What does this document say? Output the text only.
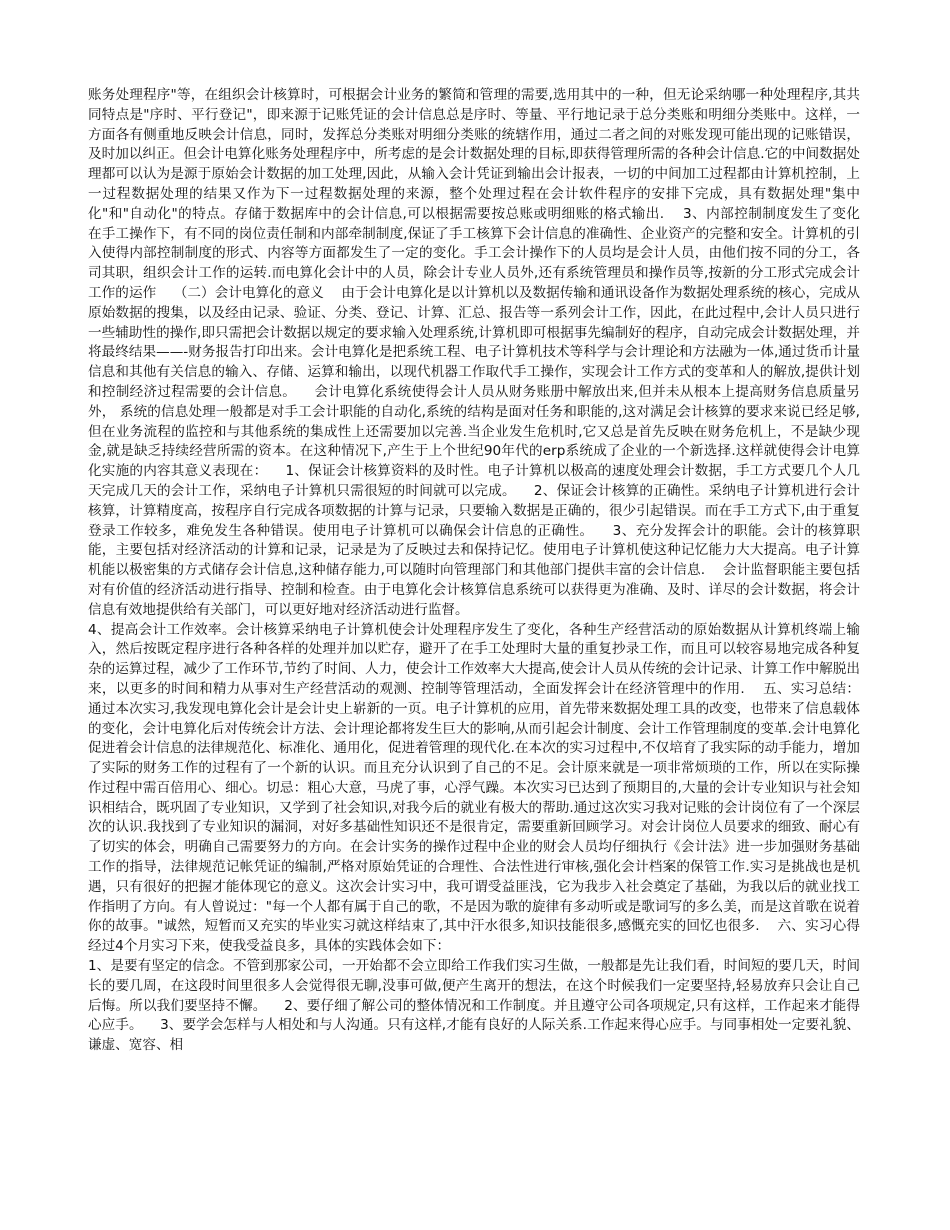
账务处理程序"等，在组织会计核算时，可根据会计业务的繁简和管理的需要,选用其中的一种，但无论采纳哪一种处理程序,其共同特点是"序时、平行登记"，即来源于记账凭证的会计信息总是序时、等量、平行地记录于总分类账和明细分类账中。这样，一方面各有侧重地反映会计信息，同时，发挥总分类账对明细分类账的统辖作用，通过二者之间的对账发现可能出现的记账错误，及时加以纠正。但会计电算化账务处理程序中，所考虑的是会计数据处理的目标,即获得管理所需的各种会计信息.它的中间数据处理都可以认为是源于原始会计数据的加工处理,因此，从输入会计凭证到输出会计报表，一切的中间加工过程都由计算机控制，上一过程数据处理的结果又作为下一过程数据处理的来源，整个处理过程在会计软件程序的安排下完成，具有数据处理"集中化"和"自动化"的特点。存储于数据库中的会计信息,可以根据需要按总账或明细账的格式输出.    3、内部控制制度发生了变化    在手工操作下，有不同的岗位责任制和内部牵制制度,保证了手工核算下会计信息的准确性、企业资产的完整和安全。计算机的引入使得内部控制制度的形式、内容等方面都发生了一定的变化。手工会计操作下的人员均是会计人员，由他们按不同的分工，各司其职，组织会计工作的运转.而电算化会计中的人员，除会计专业人员外,还有系统管理员和操作员等,按新的分工形式完成会计工作的运作    （二）会计电算化的意义    由于会计电算化是以计算机以及数据传输和通讯设备作为数据处理系统的核心，完成从原始数据的搜集，以及经由记录、验证、分类、登记、计算、汇总、报告等一系列会计工作，因此，在此过程中,会计人员只进行一些辅助性的操作,即只需把会计数据以规定的要求输入处理系统,计算机即可根据事先编制好的程序，自动完成会计数据处理，并将最终结果——-财务报告打印出来。会计电算化是把系统工程、电子计算机技术等科学与会计理论和方法融为一体,通过货币计量信息和其他有关信息的输入、存储、运算和输出，以现代机器工作取代手工操作，实现会计工作方式的变革和人的解放,提供计划和控制经济过程需要的会计信息。    会计电算化系统使得会计人员从财务账册中解放出来,但并未从根本上提高财务信息质量另外， 系统的信息处理一般都是对手工会计职能的自动化,系统的结构是面对任务和职能的,这对满足会计核算的要求来说已经足够,但在业务流程的监控和与其他系统的集成性上还需要加以完善.当企业发生危机时,它又总是首先反映在财务危机上，不是缺少现金,就是缺乏持续经营所需的资本。在这种情况下,产生于上个世纪90年代的erp系统成了企业的一个新选择.这样就使得会计电算化实施的内容其意义表现在：    1、保证会计核算资料的及时性。电子计算机以极高的速度处理会计数据，手工方式要几个人几天完成几天的会计工作，采纳电子计算机只需很短的时间就可以完成。    2、保证会计核算的正确性。采纳电子计算机进行会计核算，计算精度高，按程序自行完成各项数据的计算与记录，只要输入数据是正确的，很少引起错误。而在手工方式下,由于重复登录工作较多，难免发生各种错误。使用电子计算机可以确保会计信息的正确性。    3、充分发挥会计的职能。会计的核算职能，主要包括对经济活动的计算和记录，记录是为了反映过去和保持记忆。使用电子计算机使这种记忆能力大大提高。电子计算机能以极密集的方式储存会计信息,这种储存能力,可以随时向管理部门和其他部门提供丰富的会计信息.    会计监督职能主要包括对有价值的经济活动进行指导、控制和检查。由于电算化会计核算信息系统可以获得更为准确、及时、详尽的会计数据，将会计信息有效地提供给有关部门，可以更好地对经济活动进行监督。

4、提高会计工作效率。会计核算采纳电子计算机使会计处理程序发生了变化，各种生产经营活动的原始数据从计算机终端上输入，然后按既定程序进行各种各样的处理并加以贮存，避开了在手工处理时大量的重复抄录工作，而且可以较容易地完成各种复杂的运算过程，减少了工作环节,节约了时间、人力，使会计工作效率大大提高,使会计人员从传统的会计记录、计算工作中解脱出来，以更多的时间和精力从事对生产经营活动的观测、控制等管理活动，全面发挥会计在经济管理中的作用.    五、实习总结：    通过本次实习,我发现电算化会计是会计史上崭新的一页。电子计算机的应用，首先带来数据处理工具的改变，也带来了信息载体的变化，会计电算化后对传统会计方法、会计理论都将发生巨大的影响,从而引起会计制度、会计工作管理制度的变革.会计电算化促进着会计信息的法律规范化、标准化、通用化，促进着管理的现代化.在本次的实习过程中,不仅培育了我实际的动手能力，增加了实际的财务工作的过程有了一个新的认识。而且充分认识到了自己的不足。会计原来就是一项非常烦琐的工作，所以在实际操作过程中需百倍用心、细心。切忌：粗心大意，马虎了事，心浮气躁。本次实习已达到了预期目的,大量的会计专业知识与社会知识相结合，既巩固了专业知识，又学到了社会知识,对我今后的就业有极大的帮助.通过这次实习我对记账的会计岗位有了一个深层次的认识.我找到了专业知识的漏洞，对好多基础性知识还不是很肯定，需要重新回顾学习。对会计岗位人员要求的细致、耐心有了切实的体会，明确自己需要努力的方向。在会计实务的操作过程中企业的财会人员均仔细执行《会计法》进一步加强财务基础工作的指导，法律规范记帐凭证的编制,严格对原始凭证的合理性、合法性进行审核,强化会计档案的保管工作.实习是挑战也是机遇，只有很好的把握才能体现它的意义。这次会计实习中，我可谓受益匪浅，它为我步入社会奠定了基础，为我以后的就业找工作指明了方向。有人曾说过："每一个人都有属于自己的歌，不是因为歌的旋律有多动听或是歌词写的多么美，而是这首歌在说着你的故事。"诚然，短暂而又充实的毕业实习就这样结束了,其中汗水很多,知识技能很多,感慨充实的回忆也很多.    六、实习心得    经过4个月实习下来，使我受益良多，具体的实践体会如下：

1、是要有坚定的信念。不管到那家公司，一开始都不会立即给工作我们实习生做，一般都是先让我们看，时间短的要几天，时间长的要几周，在这段时间里很多人会觉得很无聊,没事可做,便产生离开的想法，在这个时候我们一定要坚持,轻易放弃只会让自己后悔。所以我们要坚持不懈。    2、要仔细了解公司的整体情况和工作制度。并且遵守公司各项规定,只有这样，工作起来才能得心应手。    3、要学会怎样与人相处和与人沟通。只有这样,才能有良好的人际关系.工作起来得心应手。与同事相处一定要礼貌、谦虚、宽容、相
